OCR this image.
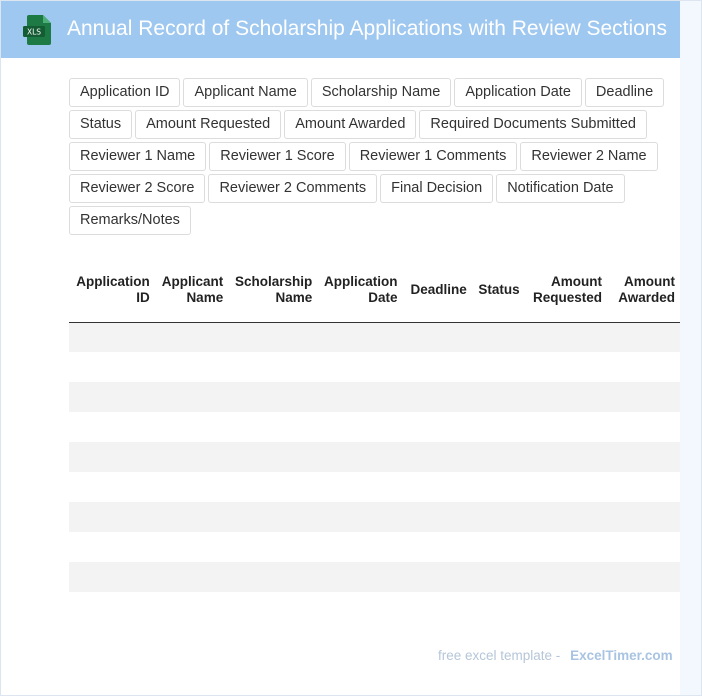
XLS Annual Record of Scholarship Applications with Review Sections
Application ID	Applicant Name	Scholarship Name	Application Date	Deadline
Status	Amount Requested	Amount Awarded	Required Documents Submitted
Reviewer 1 Name	Reviewer 1 Score	Reviewer 1 Comments	Reviewer 2 Name
Reviewer 2 Score	Reviewer 2 Comments	Final Decision	Notification Date
Remarks/Notes
Application ID	Applicant Name	Scholarship Name	Application Date	Deadline	Status	Amount Requested	Amount Awarded

free excel template - ExcelTimer.com
